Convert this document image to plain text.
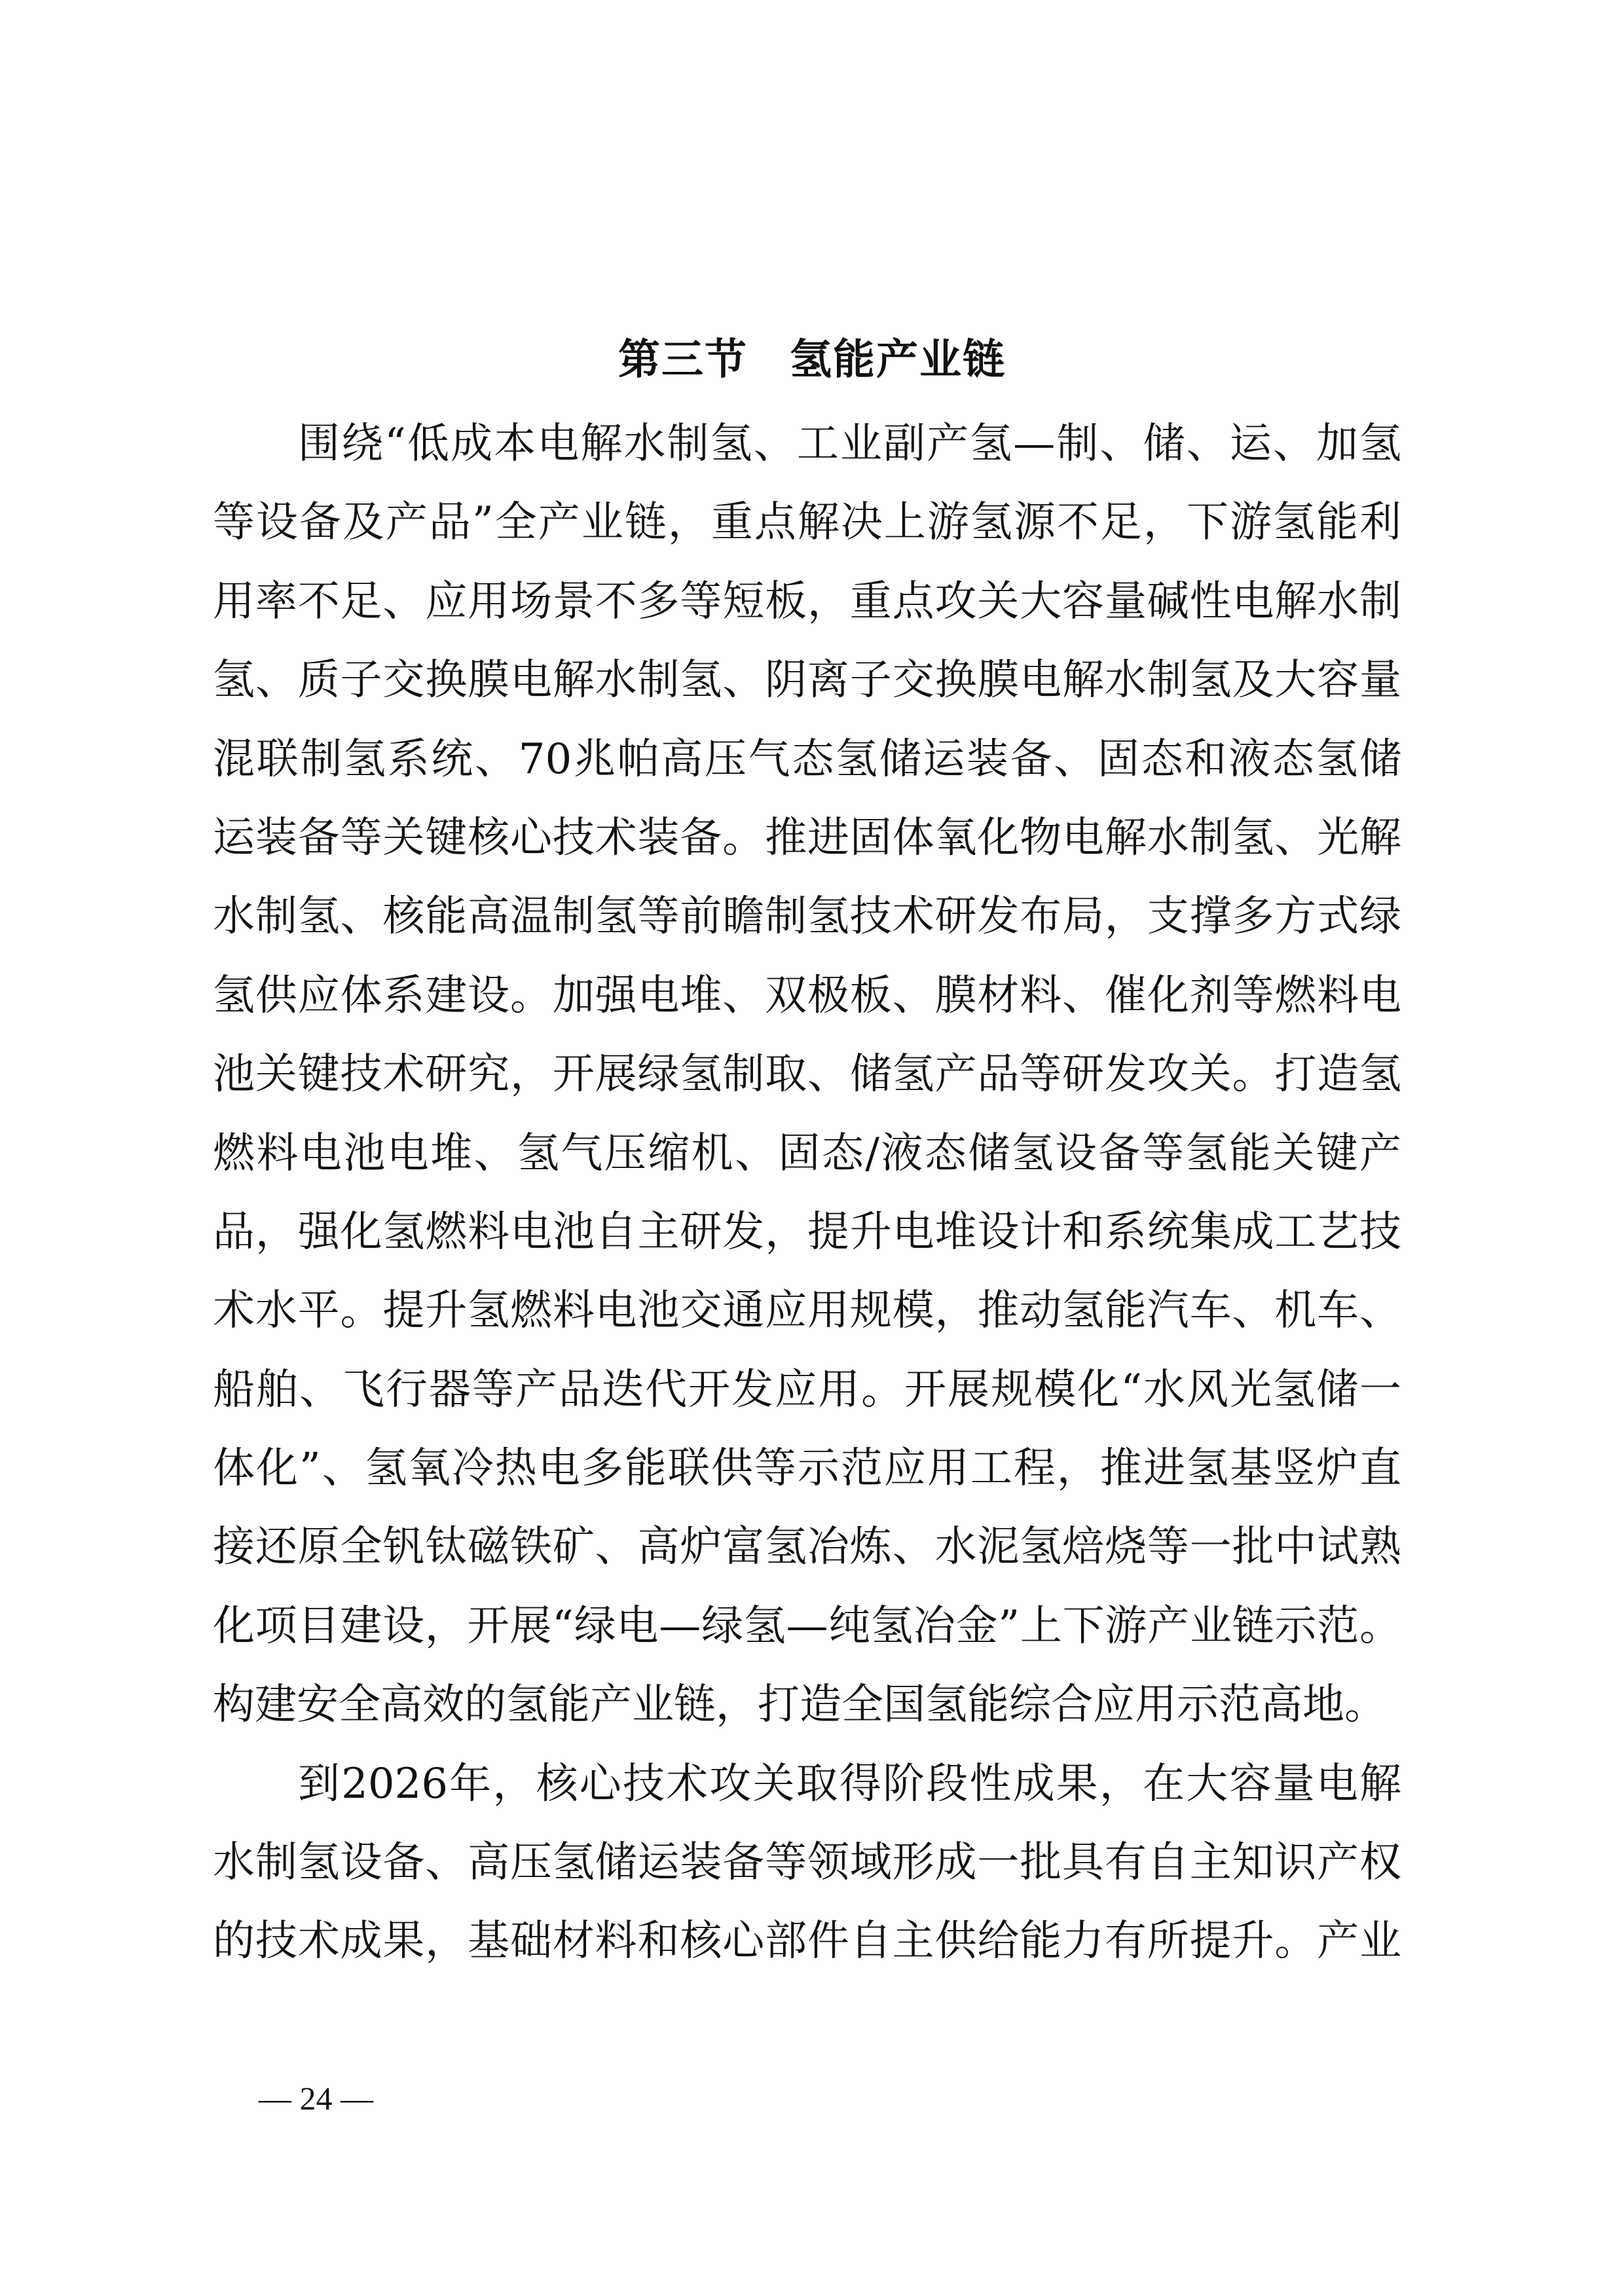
第三节 氢能产业链
围绕“低成本电解水制氢、工业副产氢—制、储、运、加氢
等设备及产品”全产业链，重点解决上游氢源不足，下游氢能利
用率不足、应用场景不多等短板，重点攻关大容量碱性电解水制
氢、质子交换膜电解水制氢、阴离子交换膜电解水制氢及大容量
混联制氢系统、70兆帕高压气态氢储运装备、固态和液态氢储
运装备等关键核心技术装备。推进固体氧化物电解水制氢、光解
水制氢、核能高温制氢等前瞻制氢技术研发布局，支撑多方式绿
氢供应体系建设。加强电堆、双极板、膜材料、催化剂等燃料电
池关键技术研究，开展绿氢制取、储氢产品等研发攻关。打造氢
燃料电池电堆、氢气压缩机、固态/液态储氢设备等氢能关键产
品，强化氢燃料电池自主研发，提升电堆设计和系统集成工艺技
术水平。提升氢燃料电池交通应用规模，推动氢能汽车、机车、
船舶、飞行器等产品迭代开发应用。开展规模化“水风光氢储一
体化”、氢氧冷热电多能联供等示范应用工程，推进氢基竖炉直
接还原全钒钛磁铁矿、高炉富氢冶炼、水泥氢焙烧等一批中试熟
化项目建设，开展“绿电—绿氢—纯氢冶金”上下游产业链示范。
构建安全高效的氢能产业链，打造全国氢能综合应用示范高地。
到2026年，核心技术攻关取得阶段性成果，在大容量电解
水制氢设备、高压氢储运装备等领域形成一批具有自主知识产权
的技术成果，基础材料和核心部件自主供给能力有所提升。产业
— 24 —
